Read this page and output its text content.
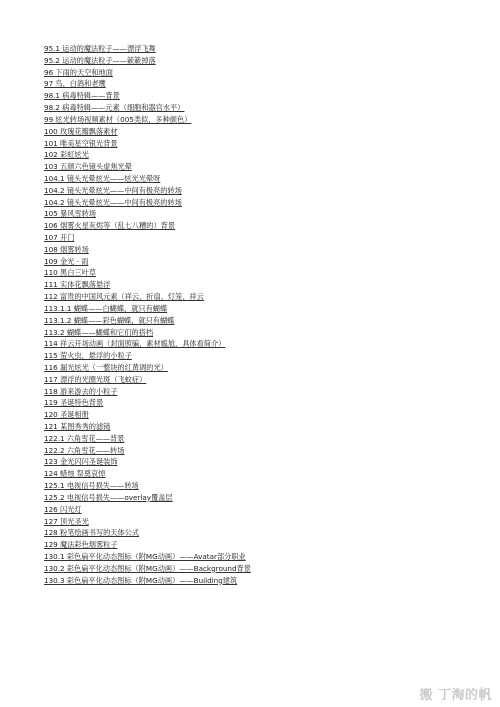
95.1 运动的魔法粒子——漂浮飞舞
95.2 运动的魔法粒子——簌簌掉落
96 下雨的天空和地面
97 鸟，白鸽和老鹰
98.1 病毒特辑——背景
98.2 病毒特辑——元素（细胞和器官水平）
99 炫光转场视频素材（005类似，多种颜色）
100 玫瑰花瓣飘落素材
101 唯美星空银光背景
102 彩虹炫光
103 五颜六色镜头虚焦光晕
104.1 镜头光晕炫光——炫光光晕呀
104.2 镜头光晕炫光——中间有极亮的转场
104.2 镜头光晕炫光——中间有极亮的转场
105 暴风雪转场
106 烟雾火星灰烬等（乱七八糟的）背景
107 开门
108 烟雾转场
109 金光 · 雨
110 黑白三叶草
111 实体花飘落悬浮
112 富贵的中国风元素（祥云、折扇、灯笼、祥云
113.1.1 蝴蝶——白蝴蝶，就只有蝴蝶
113.1.2 蝴蝶——彩色蝴蝶，就只有蝴蝶
113.2 蝴蝶——蝴蝶和它们的搭档
114 祥云开场动画（封面照骗，素材尴尬，具体看简介）
115 萤火虫，悬浮的小粒子
116 漏光炫光（一整块的红黄调的光）
117 漂浮的光圈光斑（飞蚊症）
118 游来游去的小粒子
119 圣诞特色背景
120 圣诞相册
121 某图秀秀的滤镜
122.1 六角雪花——背景
122.2 六角雪花——转场
123 金光闪闪圣诞装饰
124 蜡烛 祭奠哀悼
125.1 电视信号损失——转场
125.2 电视信号损失——overlay覆盖层
126 闪光灯
127 顶光圣光
128 粉笔绘画书写的天体公式
129 魔法彩色烟雾粒子
130.1 彩色扁平化动态图标（附MG动画）——Avatar部分职业
130.2 彩色扁平化动态图标（附MG动画）——Background背景
130.3 彩色扁平化动态图标（附MG动画）——Building建筑
搬 丁淘的帆
